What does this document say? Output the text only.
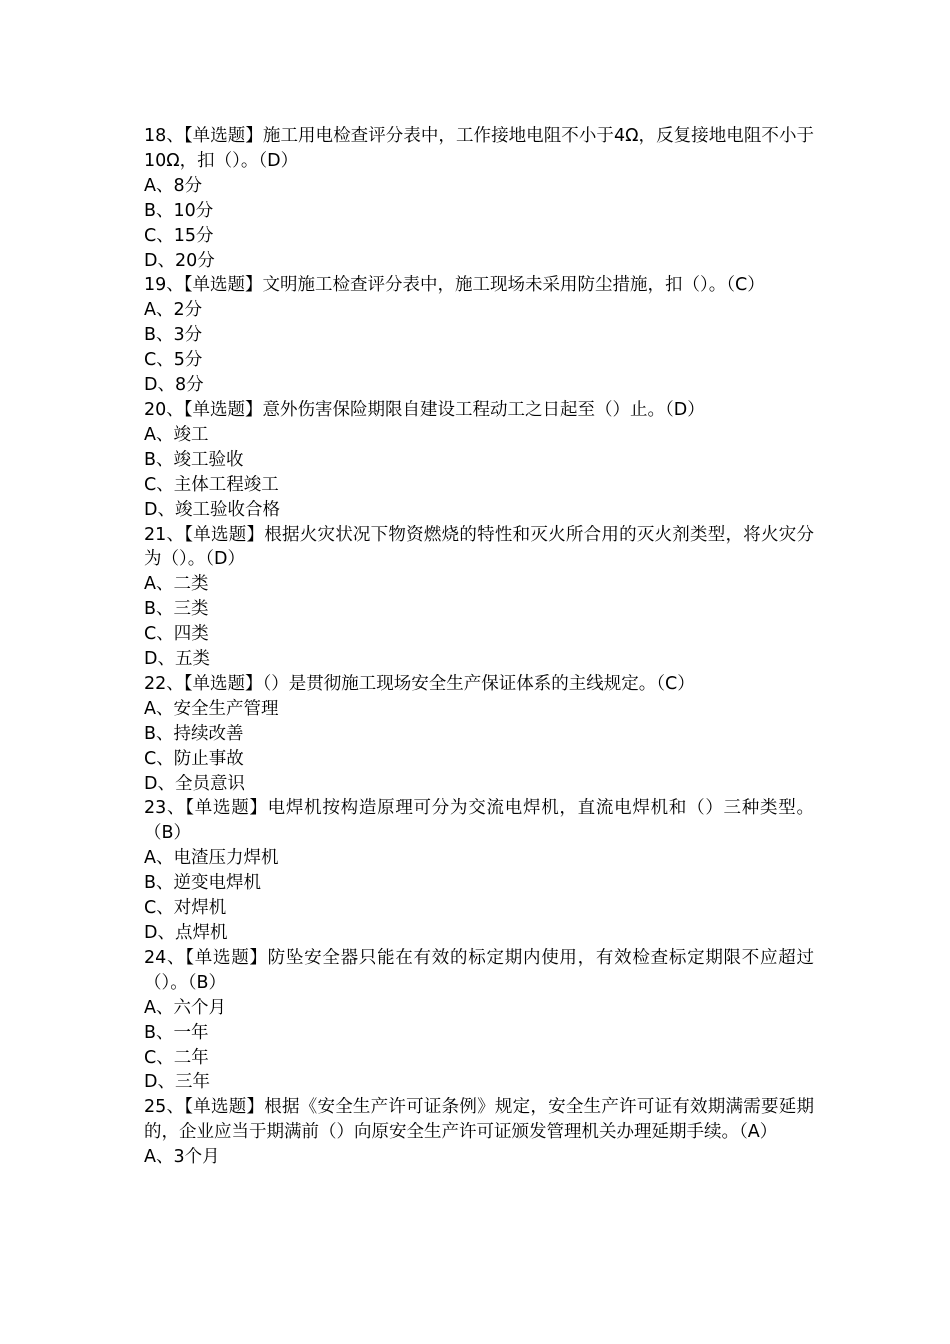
18、【单选题】施工用电检查评分表中，工作接地电阻不小于4Ω，反复接地电阻不小于10Ω，扣（）。（D）

A、8分

B、10分

C、15分

D、20分

19、【单选题】文明施工检查评分表中，施工现场未采用防尘措施，扣（）。（C）

A、2分

B、3分

C、5分

D、8分

20、【单选题】意外伤害保险期限自建设工程动工之日起至（）止。（D）

A、竣工

B、竣工验收

C、主体工程竣工

D、竣工验收合格

21、【单选题】根据火灾状况下物资燃烧的特性和灭火所合用的灭火剂类型，将火灾分为（）。（D）

A、二类

B、三类

C、四类

D、五类

22、【单选题】（）是贯彻施工现场安全生产保证体系的主线规定。（C）

A、安全生产管理

B、持续改善

C、防止事故

D、全员意识

23、【单选题】电焊机按构造原理可分为交流电焊机，直流电焊机和（）三种类型。（B）

A、电渣压力焊机

B、逆变电焊机

C、对焊机

D、点焊机

24、【单选题】防坠安全器只能在有效的标定期内使用，有效检查标定期限不应超过（）。（B）

A、六个月

B、一年

C、二年

D、三年

25、【单选题】根据《安全生产许可证条例》规定，安全生产许可证有效期满需要延期的，企业应当于期满前（）向原安全生产许可证颁发管理机关办理延期手续。（A）

A、3个月
